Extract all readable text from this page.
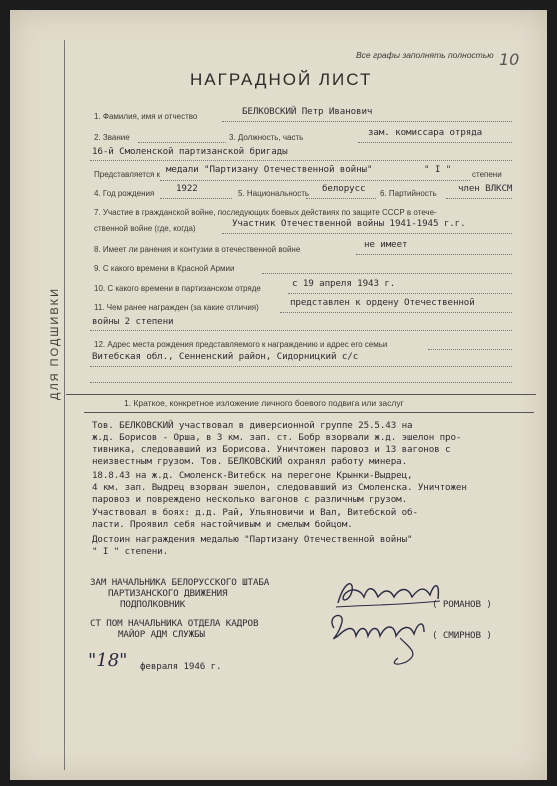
ДЛЯ ПОДШИВКИ
Все графы заполнять полностью 10
НАГРАДНОЙ ЛИСТ
1. Фамилия, имя и отчество	БЕЛКОВСКИЙ Петр Иванович
2. Звание	3. Должность, часть	зам. комиссара отряда
16-й Смоленской партизанской бригады
Представляется к медали "Партизану Отечественной войны"	" I "	степени
4. Год рождения 1922	5. Национальность белорусс 6. Партийность член ВЛКСМ
7. Участие в гражданской войне, последующих боевых действиях по защите СССР в отече-
ственной войне (где, когда)	Участник Отечественной войны 1941-1945 г.г.
8. Имеет ли ранения и контузии в отечественной войне	не имеет
9. С какого времени в Красной Армии
10. С какого времени в партизанском отряде	с 19 апреля 1943 г.
11. Чем ранее награжден (за какие отличия)	представлен к ордену Отечественной
войны 2 степени
12. Адрес места рождения представляемого к награждению и адрес его семьи
Витебская обл., Сенненский район, Сидорницкий с/с
1. Краткое, конкретное изложение личного боевого подвига или заслуг
Тов. БЕЛКОВСКИЙ участвовал в диверсионной группе 25.5.43 на
ж.д. Борисов - Орша, в 3 км. зап. ст. Бобр взорвали ж.д. эшелон про-
тивника, следовавший из Борисова. Уничтожен паровоз и 13 вагонов с
неизвестным грузом. Тов. БЕЛКОВСКИЙ охранял работу минера.
18.8.43 на ж.д. Смоленск-Витебск на перегоне Крынки-Выдрец,
4 км. зап. Выдрец взорван эшелон, следовавший из Смоленска. Уничтожен
паровоз и повреждено несколько вагонов с различным грузом.
Участвовал в боях: д.д. Рай, Ульяновичи и Вал, Витебской об-
ласти. Проявил себя настойчивым и смелым бойцом.
Достоин награждения медалью "Партизану Отечественной войны"
" I " степени.
ЗАМ НАЧАЛЬНИКА БЕЛОРУССКОГО ШТАБА
ПАРТИЗАНСКОГО ДВИЖЕНИЯ
ПОДПОЛКОВНИК	( РОМАНОВ )
СТ ПОМ НАЧАЛЬНИКА ОТДЕЛА КАДРОВ
МАЙОР АДМ СЛУЖБЫ	( СМИРНОВ )
"18" февраля 1946 г.
